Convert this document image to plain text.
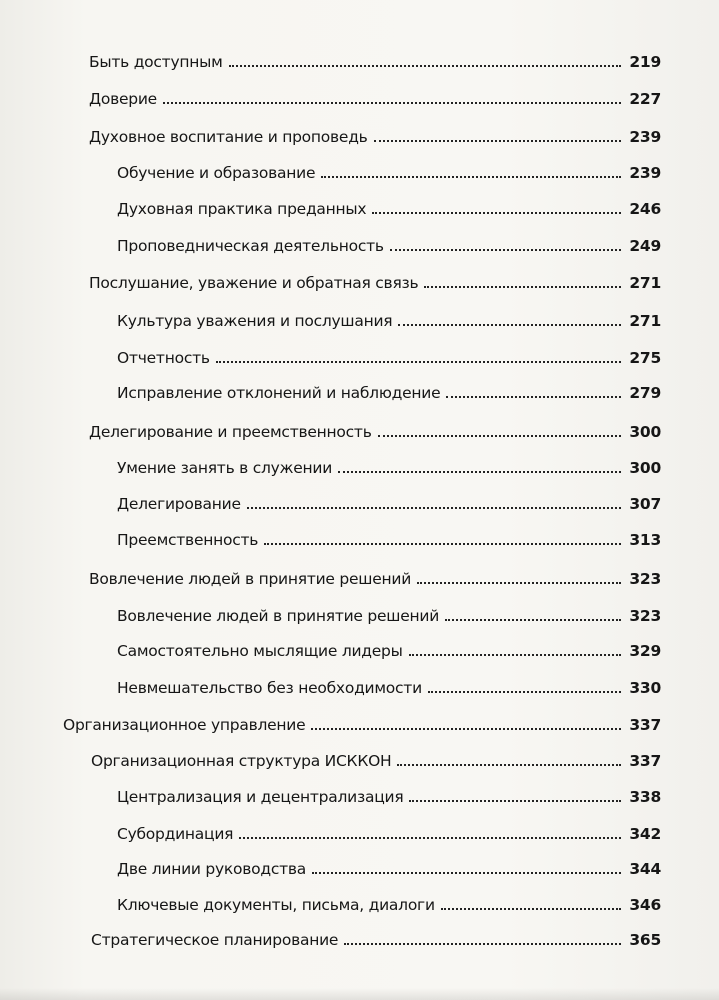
Быть доступным	219
Доверие	227
Духовное воспитание и проповедь	239
Обучение и образование	239
Духовная практика преданных	246
Проповедническая деятельность	249
Послушание, уважение и обратная связь	271
Культура уважения и послушания	271
Отчетность	275
Исправление отклонений и наблюдение	279
Делегирование и преемственность	300
Умение занять в служении	300
Делегирование	307
Преемственность	313
Вовлечение людей в принятие решений	323
Вовлечение людей в принятие решений	323
Самостоятельно мыслящие лидеры	329
Невмешательство без необходимости	330
Организационное управление	337
Организационная структура ИСККОН	337
Централизация и децентрализация	338
Субординация	342
Две линии руководства	344
Ключевые документы, письма, диалоги	346
Стратегическое планирование	365
